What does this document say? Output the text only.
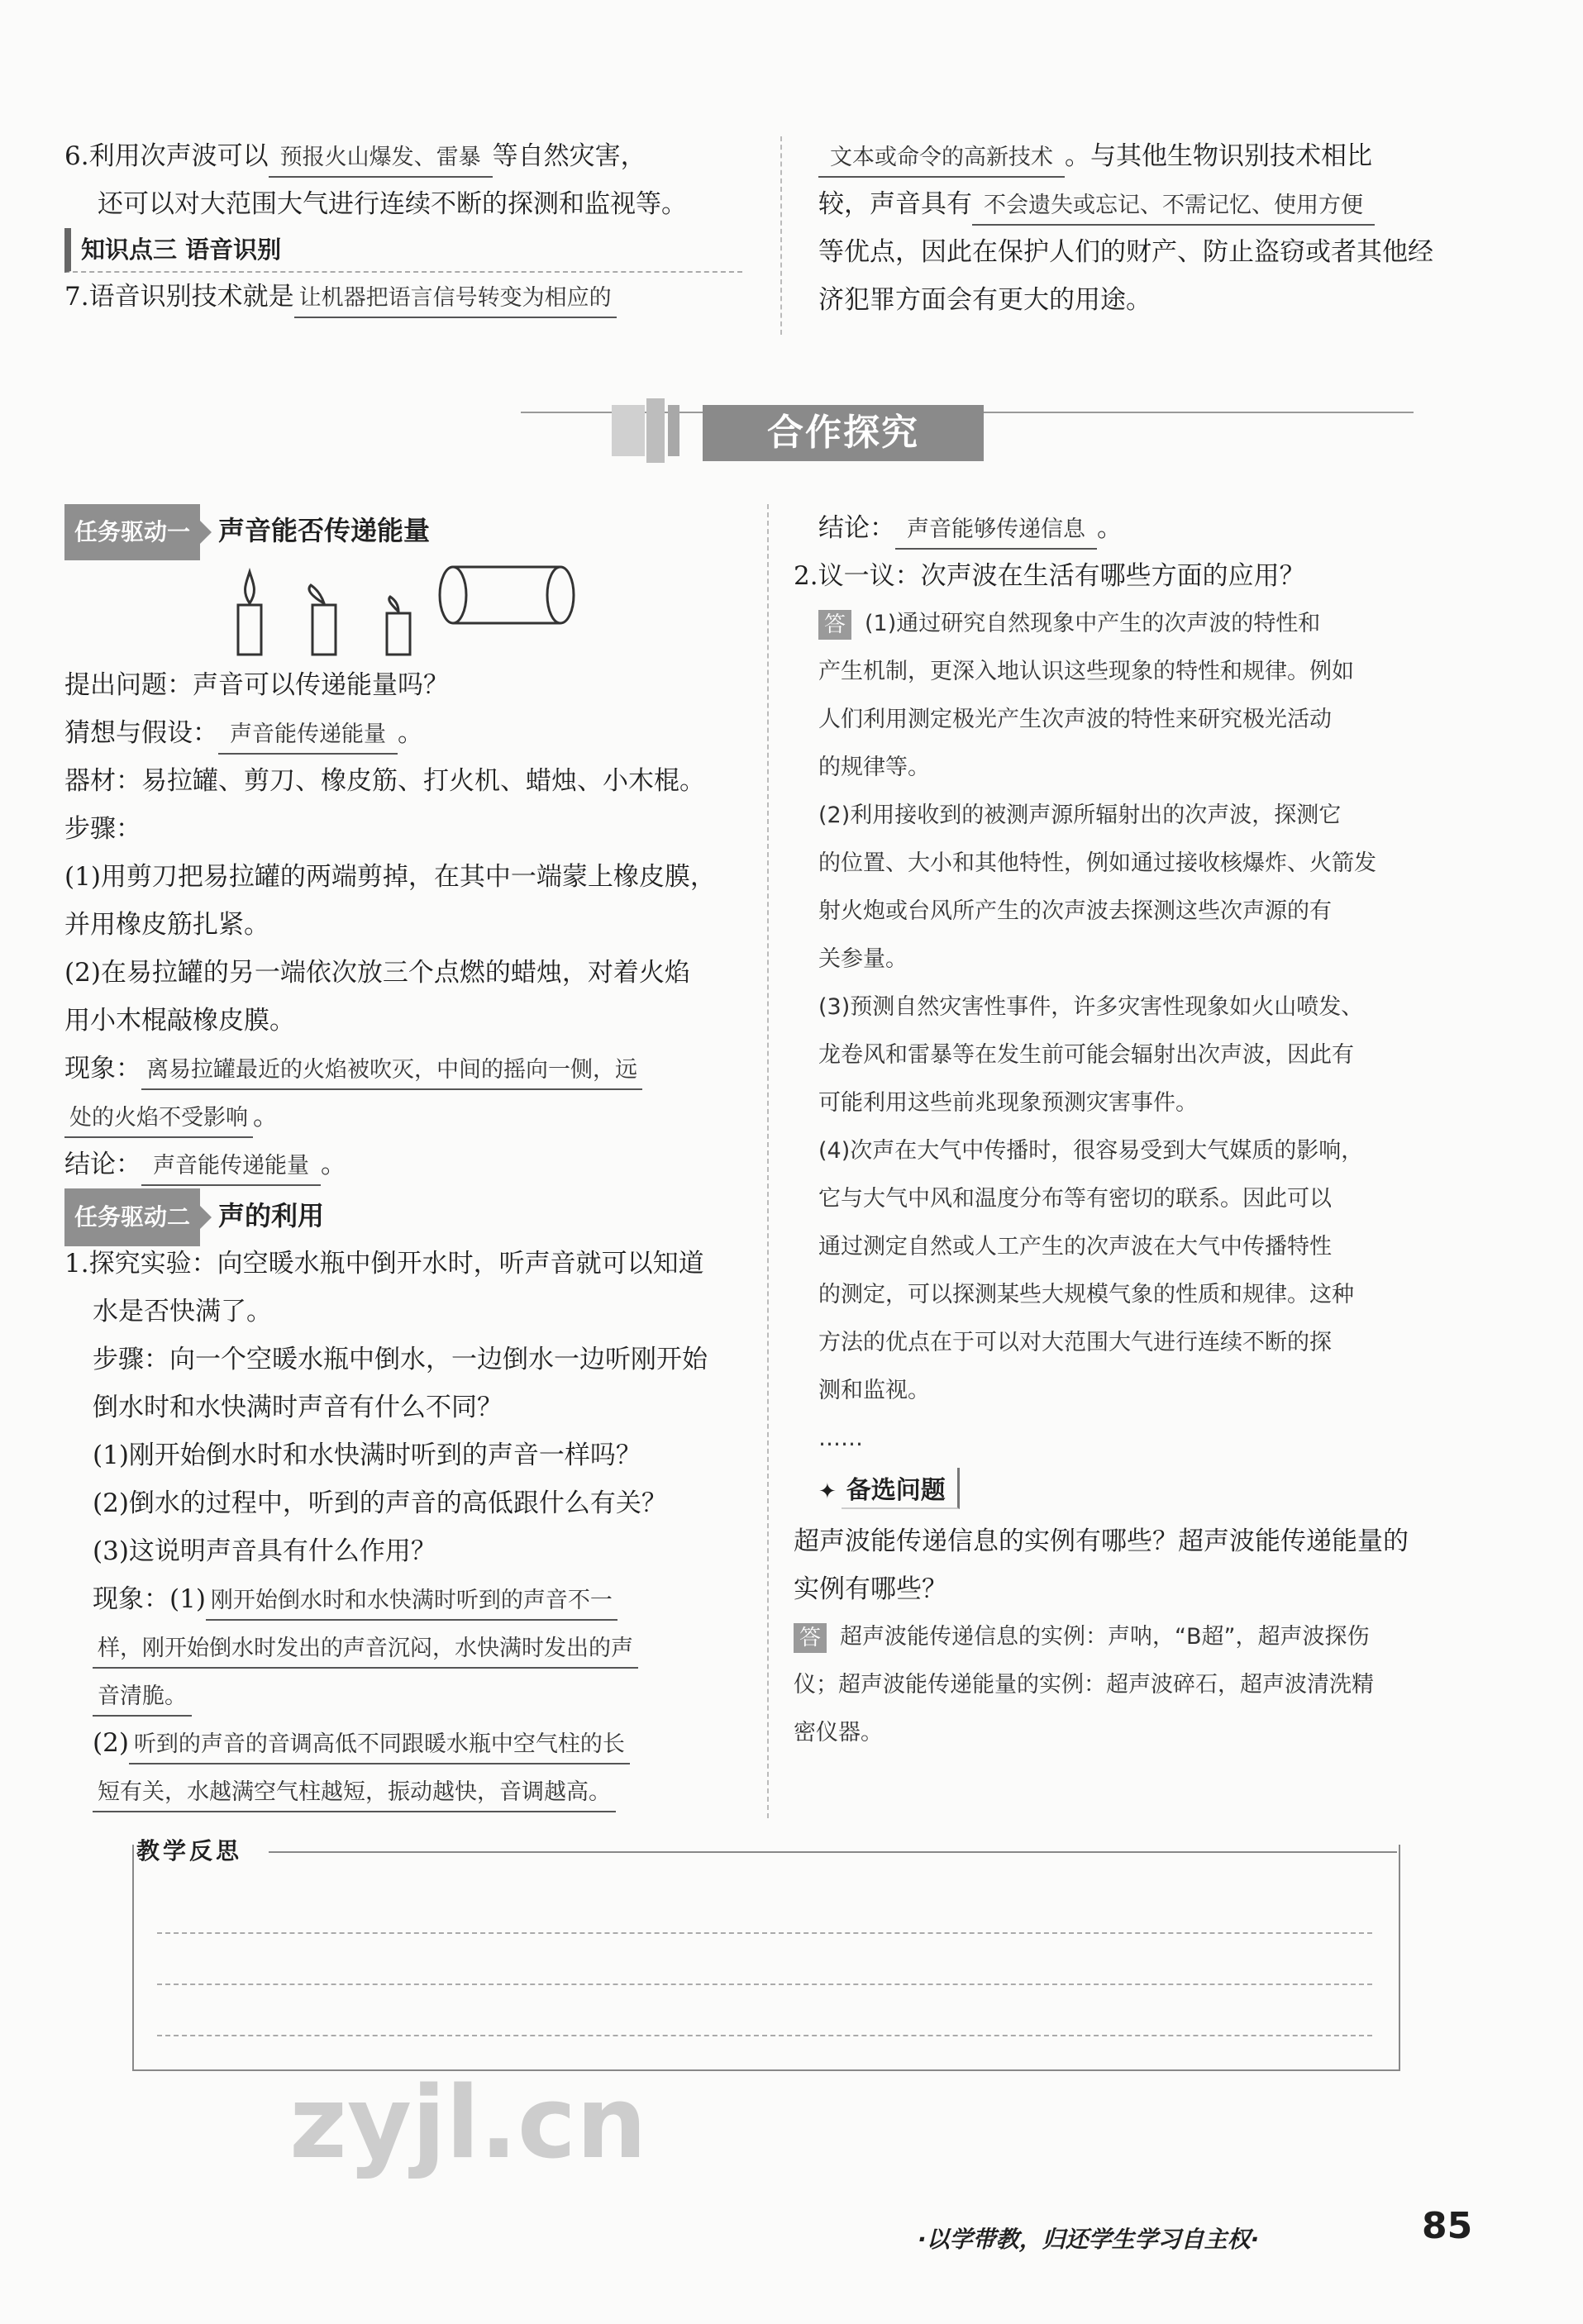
6.利用次声波可以 预报火山爆发、雷暴 等自然灾害，
还可以对大范围大气进行连续不断的探测和监视等。
知识点三 语音识别
7.语音识别技术就是 让机器把语言信号转变为相应的
文本或命令的高新技术 。与其他生物识别技术相比
较，声音具有 不会遗失或忘记、不需记忆、使用方便
等优点，因此在保护人们的财产、防止盗窃或者其他经
济犯罪方面会有更大的用途。
合作探究
任务驱动一 声音能否传递能量
提出问题：声音可以传递能量吗？
猜想与假设： 声音能传递能量 。
器材：易拉罐、剪刀、橡皮筋、打火机、蜡烛、小木棍。
步骤：
(1)用剪刀把易拉罐的两端剪掉，在其中一端蒙上橡皮膜，
并用橡皮筋扎紧。
(2)在易拉罐的另一端依次放三个点燃的蜡烛，对着火焰
用小木棍敲橡皮膜。
现象： 离易拉罐最近的火焰被吹灭，中间的摇向一侧，远
处的火焰不受影响 。
结论： 声音能传递能量 。
任务驱动二 声的利用
1.探究实验：向空暖水瓶中倒开水时，听声音就可以知道
水是否快满了。
步骤：向一个空暖水瓶中倒水，一边倒水一边听刚开始
倒水时和水快满时声音有什么不同？
(1)刚开始倒水时和水快满时听到的声音一样吗？
(2)倒水的过程中，听到的声音的高低跟什么有关？
(3)这说明声音具有什么作用？
现象：(1) 刚开始倒水时和水快满时听到的声音不一
样，刚开始倒水时发出的声音沉闷，水快满时发出的声
音清脆。
(2) 听到的声音的音调高低不同跟暖水瓶中空气柱的长
短有关，水越满空气柱越短，振动越快，音调越高。
结论： 声音能够传递信息 。
2.议一议：次声波在生活有哪些方面的应用？
答 (1)通过研究自然现象中产生的次声波的特性和
产生机制，更深入地认识这些现象的特性和规律。例如
人们利用测定极光产生次声波的特性来研究极光活动
的规律等。
(2)利用接收到的被测声源所辐射出的次声波，探测它
的位置、大小和其他特性，例如通过接收核爆炸、火箭发
射火炮或台风所产生的次声波去探测这些次声源的有
关参量。
(3)预测自然灾害性事件，许多灾害性现象如火山喷发、
龙卷风和雷暴等在发生前可能会辐射出次声波，因此有
可能利用这些前兆现象预测灾害事件。
(4)次声在大气中传播时，很容易受到大气媒质的影响，
它与大气中风和温度分布等有密切的联系。因此可以
通过测定自然或人工产生的次声波在大气中传播特性
的测定，可以探测某些大规模气象的性质和规律。这种
方法的优点在于可以对大范围大气进行连续不断的探
测和监视。
……
✦ 备选问题
超声波能传递信息的实例有哪些？超声波能传递能量的
实例有哪些？
答 超声波能传递信息的实例：声呐，“B超”，超声波探伤
仪；超声波能传递能量的实例：超声波碎石，超声波清洗精
密仪器。
教学反思
zyjl.cn
·以学带教，归还学生学习自主权·	85
